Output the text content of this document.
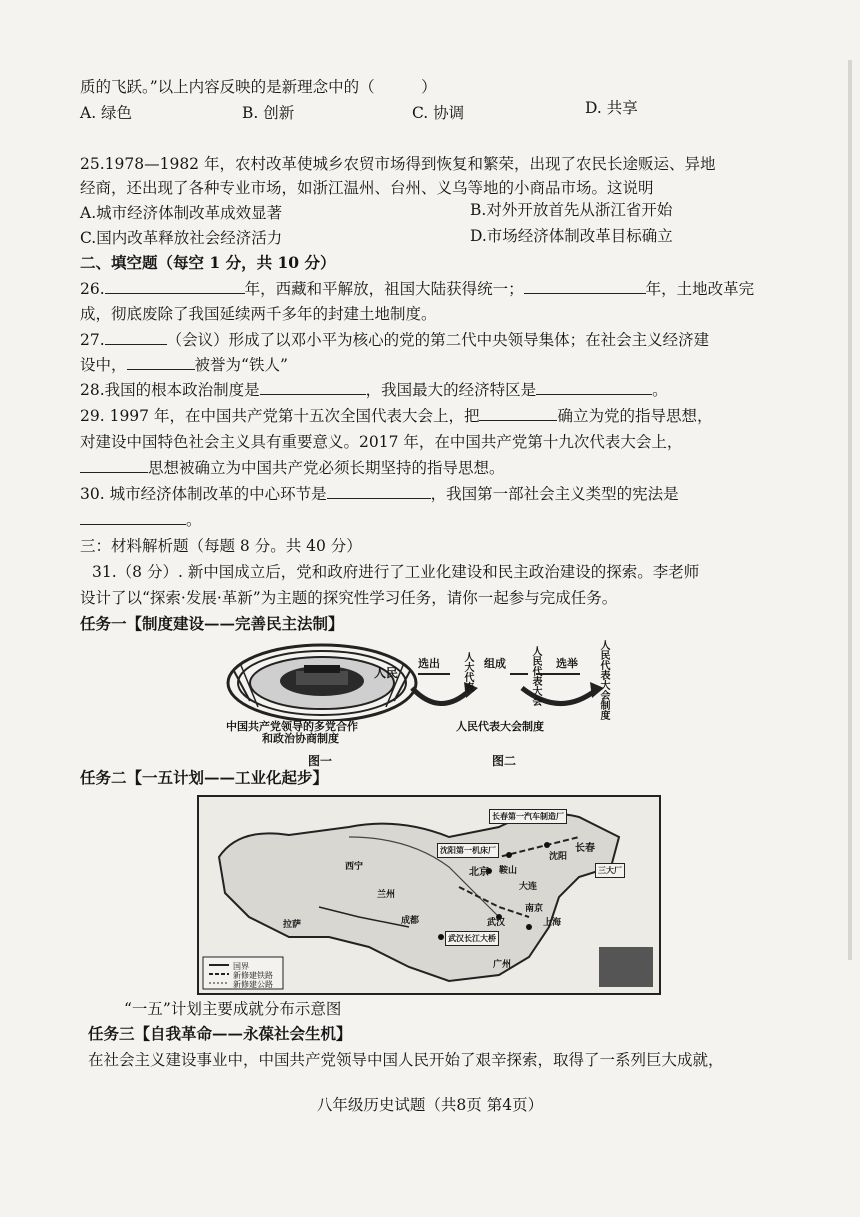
质的飞跃。”以上内容反映的是新理念中的（　　　）
A. 绿色	B. 创新	C. 协调	D. 共享
25.1978—1982 年，农村改革使城乡农贸市场得到恢复和繁荣，出现了农民长途贩运、异地
经商，还出现了各种专业市场，如浙江温州、台州、义乌等地的小商品市场。这说明
A.城市经济体制改革成效显著	B.对外开放首先从浙江省开始
C.国内改革释放社会经济活力	D.市场经济体制改革目标确立
二、填空题（每空 1 分，共 10 分）
26.	年，西藏和平解放，祖国大陆获得统一；	年，土地改革完
成，彻底废除了我国延续两千多年的封建土地制度。
27.	（会议）形成了以邓小平为核心的党的第二代中央领导集体；在社会主义经济建
设中，	被誉为“铁人”
28.我国的根本政治制度是	，我国最大的经济特区是	。
29. 1997 年，在中国共产党第十五次全国代表大会上，把	确立为党的指导思想，
对建设中国特色社会主义具有重要意义。2017 年，在中国共产党第十九次代表大会上，
思想被确立为中国共产党必须长期坚持的指导思想。
30. 城市经济体制改革的中心环节是	，我国第一部社会主义类型的宪法是
。
三：材料解析题（每题 8 分。共 40 分）
31.（8 分）. 新中国成立后，党和政府进行了工业化建设和民主政治建设的探索。李老师
设计了以“探索·发展·革新”为主题的探究性学习任务，请你一起参与完成任务。
任务一【制度建设——完善民主法制】
中国共产党领导的多党合作
和政治协商制度
图一
人民
选出 人大代表 组成 人民代表大会 选举 人民代表大会制度
人民代表大会制度
图二
任务二【一五计划——工业化起步】
长春第一汽车制造厂
长春
沈阳
沈阳第一机床厂
鞍山
北京
大连
西宁
兰州
成都
拉萨	武汉
武汉长江大桥
上海
南京
广州
三大厂
国界
新修建铁路
新修建公路
“一五”计划主要成就分布示意图
任务三【自我革命——永葆社会生机】
在社会主义建设事业中，中国共产党领导中国人民开始了艰辛探索，取得了一系列巨大成就，
八年级历史试题（共8页 第4页）
